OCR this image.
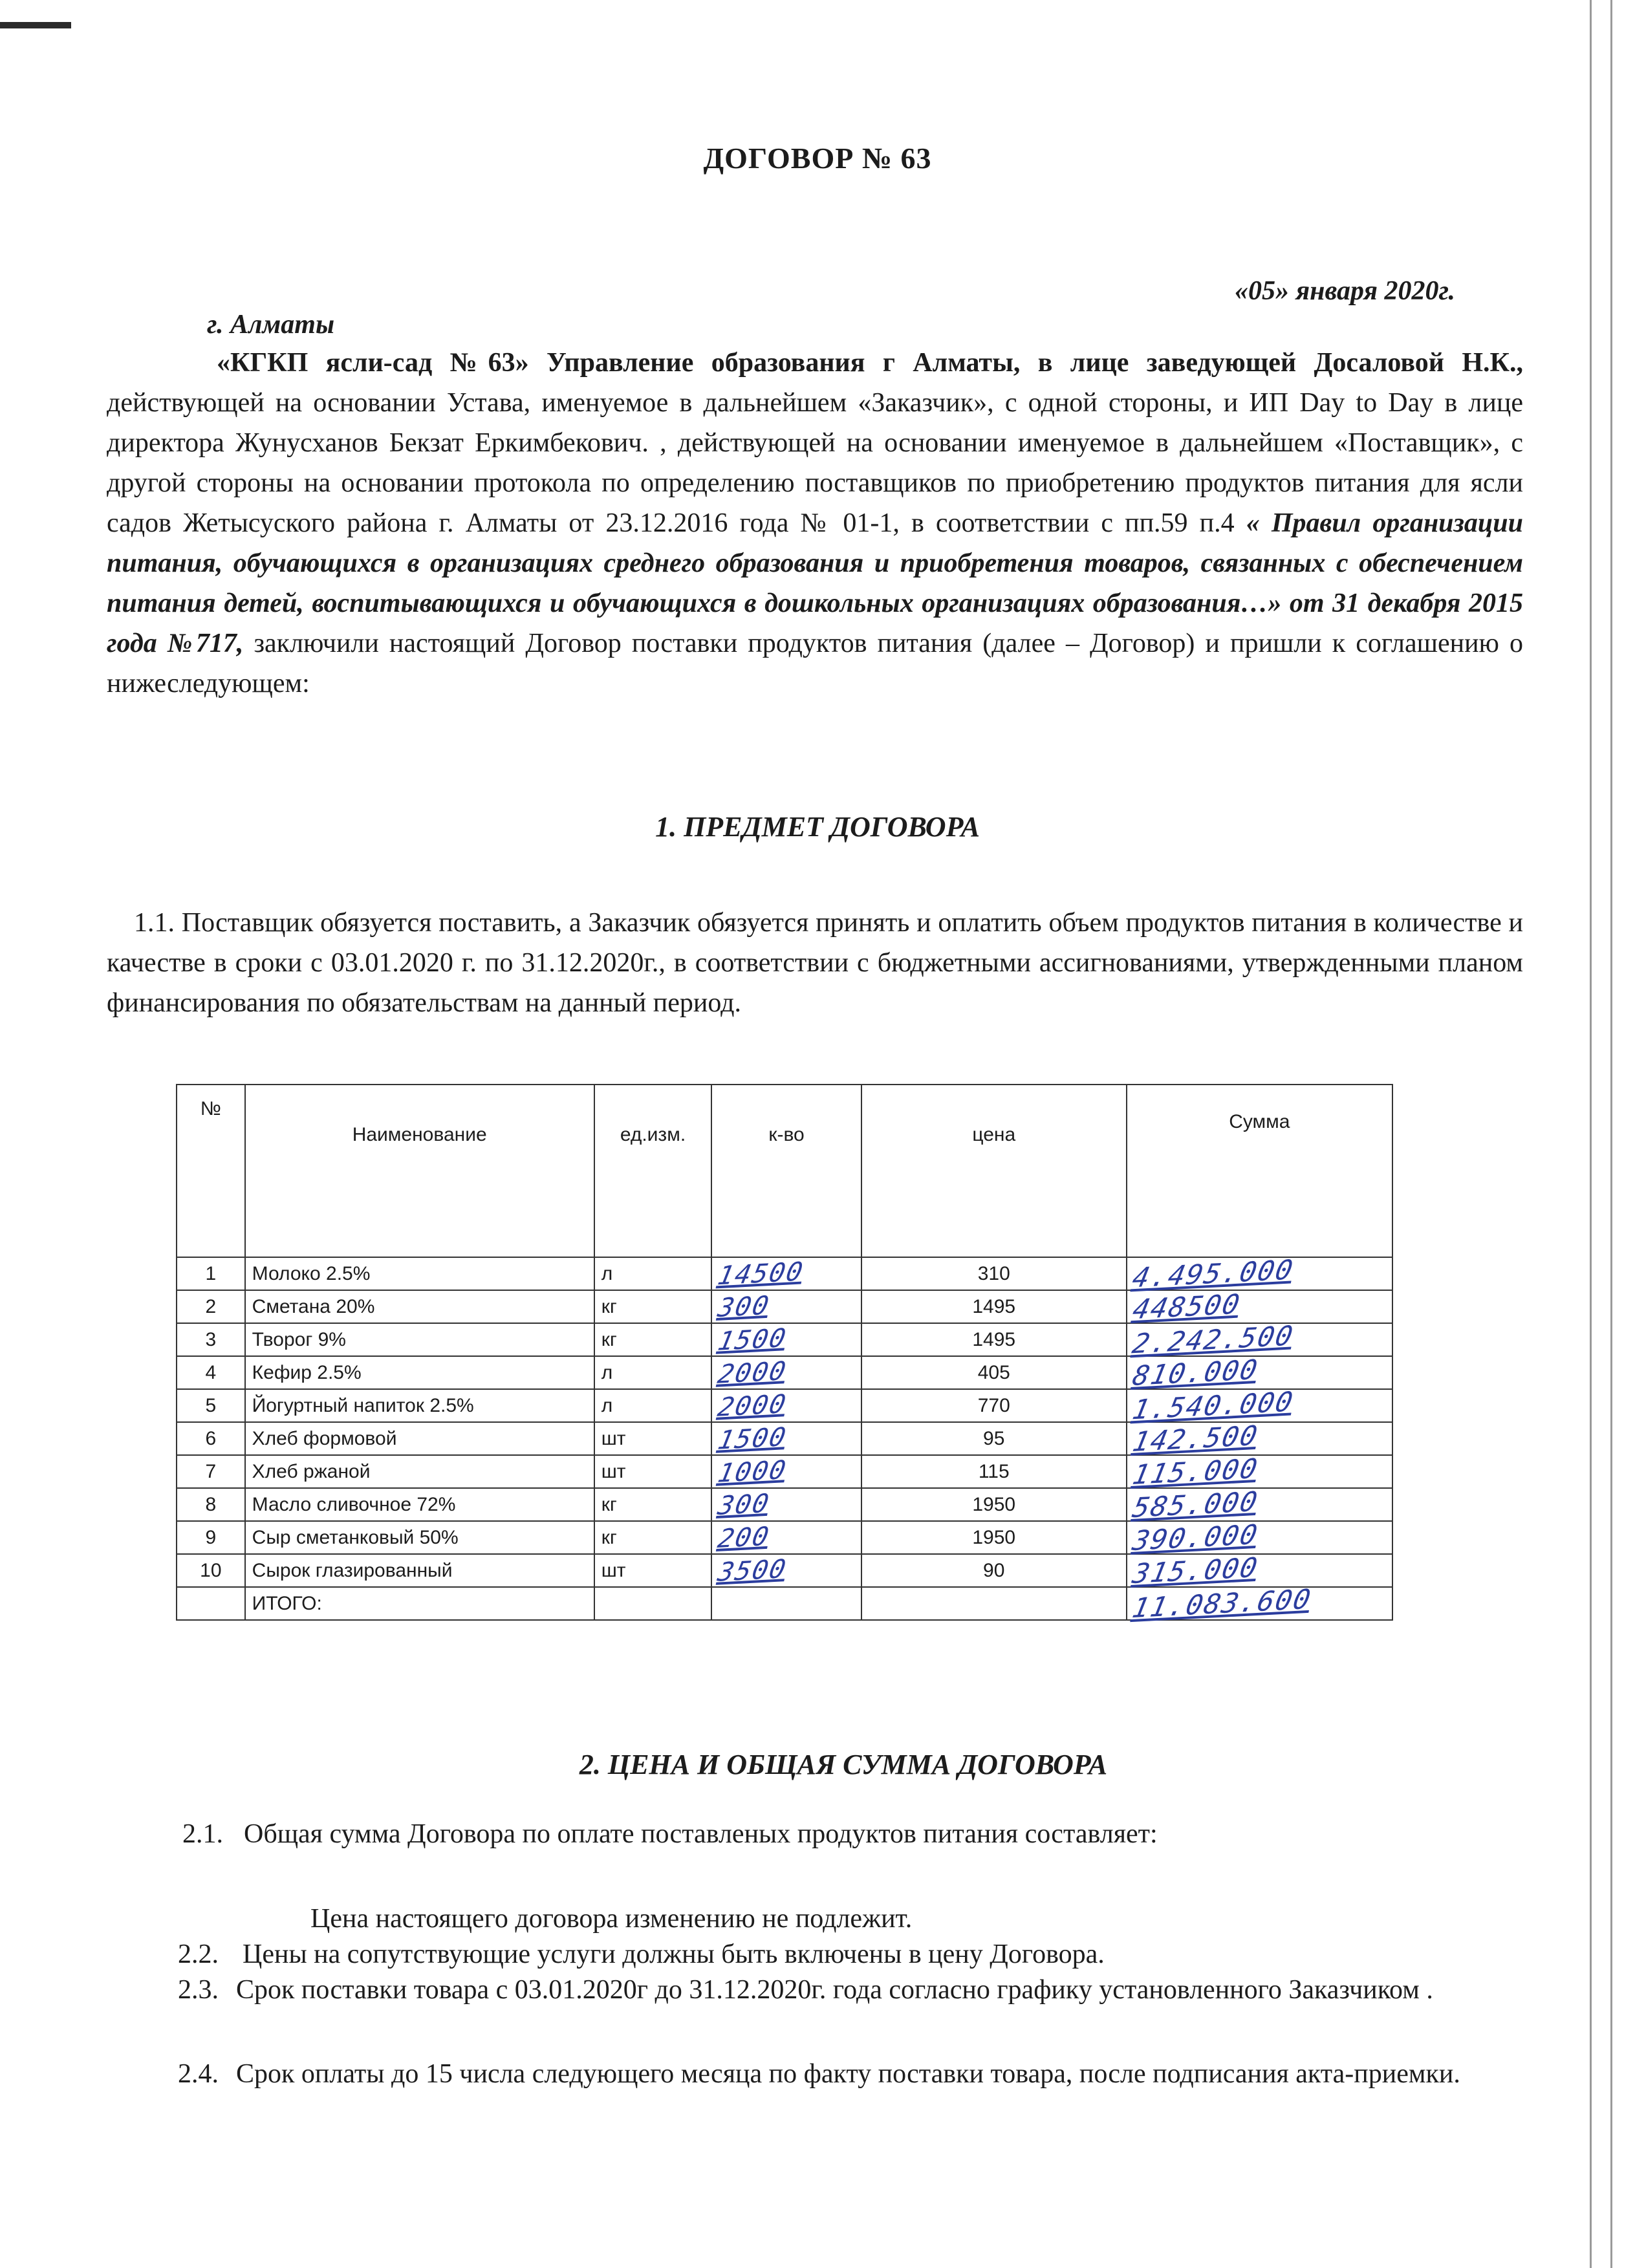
ДОГОВОР № 63
«05» января 2020г.
г. Алматы
«КГКП ясли-сад №63» Управление образования г Алматы, в лице заведующей Досаловой Н.К., действующей на основании Устава, именуемое в дальнейшем «Заказчик», с одной стороны, и ИП Day to Day в лице директора Жунусханов Бекзат Еркимбекович. , действующей на основании именуемое в дальнейшем «Поставщик», с другой стороны на основании протокола по определению поставщиков по приобретению продуктов питания для ясли садов Жетысуского района г. Алматы от 23.12.2016 года № 01-1, в соответствии с пп.59 п.4 « Правил организации питания, обучающихся в организациях среднего образования и приобретения товаров, связанных с обеспечением питания детей, воспитывающихся и обучающихся в дошкольных организациях образования…» от 31 декабря 2015 года №717, заключили настоящий Договор поставки продуктов питания (далее – Договор) и пришли к соглашению о нижеследующем:
1. ПРЕДМЕТ ДОГОВОРА
1.1. Поставщик обязуется поставить, а Заказчик обязуется принять и оплатить объем продуктов питания в количестве и качестве в сроки с 03.01.2020 г. по 31.12.2020г., в соответствии с бюджетными ассигнованиями, утвержденными планом финансирования по обязательствам на данный период.
№	Наименование	ед.изм.	к-во	цена	Сумма

1	Молоко 2.5%	л	14500	310	4.495.000
2	Сметана 20%	кг	300	1495	448500
3	Творог 9%	кг	1500	1495	2.242.500
4	Кефир 2.5%	л	2000	405	810.000
5	Йогуртный напиток 2.5%	л	2000	770	1.540.000
6	Хлеб формовой	шт	1500	95	142.500
7	Хлеб ржаной	шт	1000	115	115.000
8	Масло сливочное 72%	кг	300	1950	585.000
9	Сыр сметанковый 50%	кг	200	1950	390.000
10	Сырок глазированный	шт	3500	90	315.000
	ИТОГО:				11.083.600
2. ЦЕНА И ОБЩАЯ СУММА ДОГОВОРА
2.1. Общая сумма Договора по оплате поставленых продуктов питания составляет:
Цена настоящего договора изменению не подлежит.
2.2. Цены на сопутствующие услуги должны быть включены в цену Договора.
2.3. Срок поставки товара с 03.01.2020г до 31.12.2020г. года согласно графику установленного Заказчиком .
2.4. Срок оплаты до 15 числа следующего месяца по факту поставки товара, после подписания акта-приемки.
